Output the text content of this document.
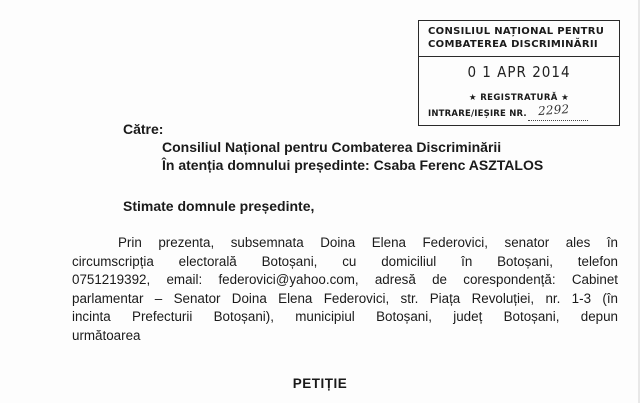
CONSILIUL NAȚIONAL PENTRU
COMBATEREA DISCRIMINĂRII
0 1 APR 2014
★ REGISTRATURĂ ★
INTRARE/IEȘIRE NR. 2292
Către:
Consiliul Național pentru Combaterea Discriminării
În atenția domnului președinte: Csaba Ferenc ASZTALOS
Stimate domnule președinte,
Prin prezenta, subsemnata Doina Elena Federovici, senator ales în
circumscripția electorală Botoșani, cu domiciliul în Botoșani, telefon
0751219392, email: federovici@yahoo.com, adresă de corespondență: Cabinet
parlamentar – Senator Doina Elena Federovici, str. Piața Revoluției, nr. 1-3 (în
incinta Prefecturii Botoșani), municipiul Botoșani, județ Botoșani, depun
următoarea
PETIȚIE
